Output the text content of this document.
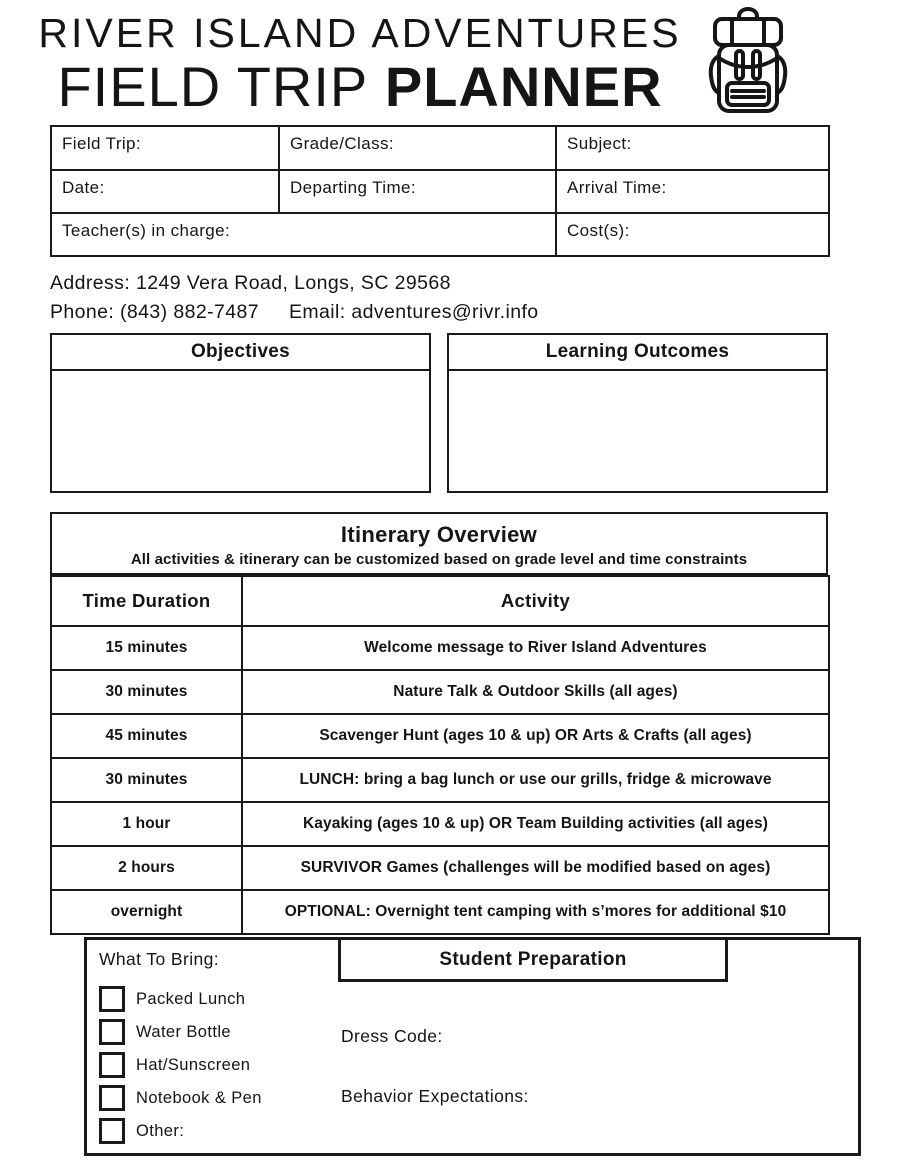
RIVER ISLAND ADVENTURES
FIELD TRIP PLANNER
Field Trip:	Grade/Class:	Subject:
Date:	Departing Time:	Arrival Time:
Teacher(s) in charge:		Cost(s):
Address: 1249 Vera Road, Longs, SC 29568
Phone: (843) 882-7487 Email: adventures@rivr.info
Objectives	Learning Outcomes
Itinerary Overview
All activities & itinerary can be customized based on grade level and time constraints
Time Duration	Activity
15 minutes	Welcome message to River Island Adventures
30 minutes	Nature Talk & Outdoor Skills (all ages)
45 minutes	Scavenger Hunt (ages 10 & up) OR Arts & Crafts (all ages)
30 minutes	LUNCH: bring a bag lunch or use our grills, fridge & microwave
1 hour	Kayaking (ages 10 & up) OR Team Building activities (all ages)
2 hours	SURVIVOR Games (challenges will be modified based on ages)
overnight	OPTIONAL: Overnight tent camping with s’mores for additional $10
Student Preparation
What To Bring:
Packed Lunch
Water Bottle
Hat/Sunscreen
Notebook & Pen
Other:
Dress Code:
Behavior Expectations:
